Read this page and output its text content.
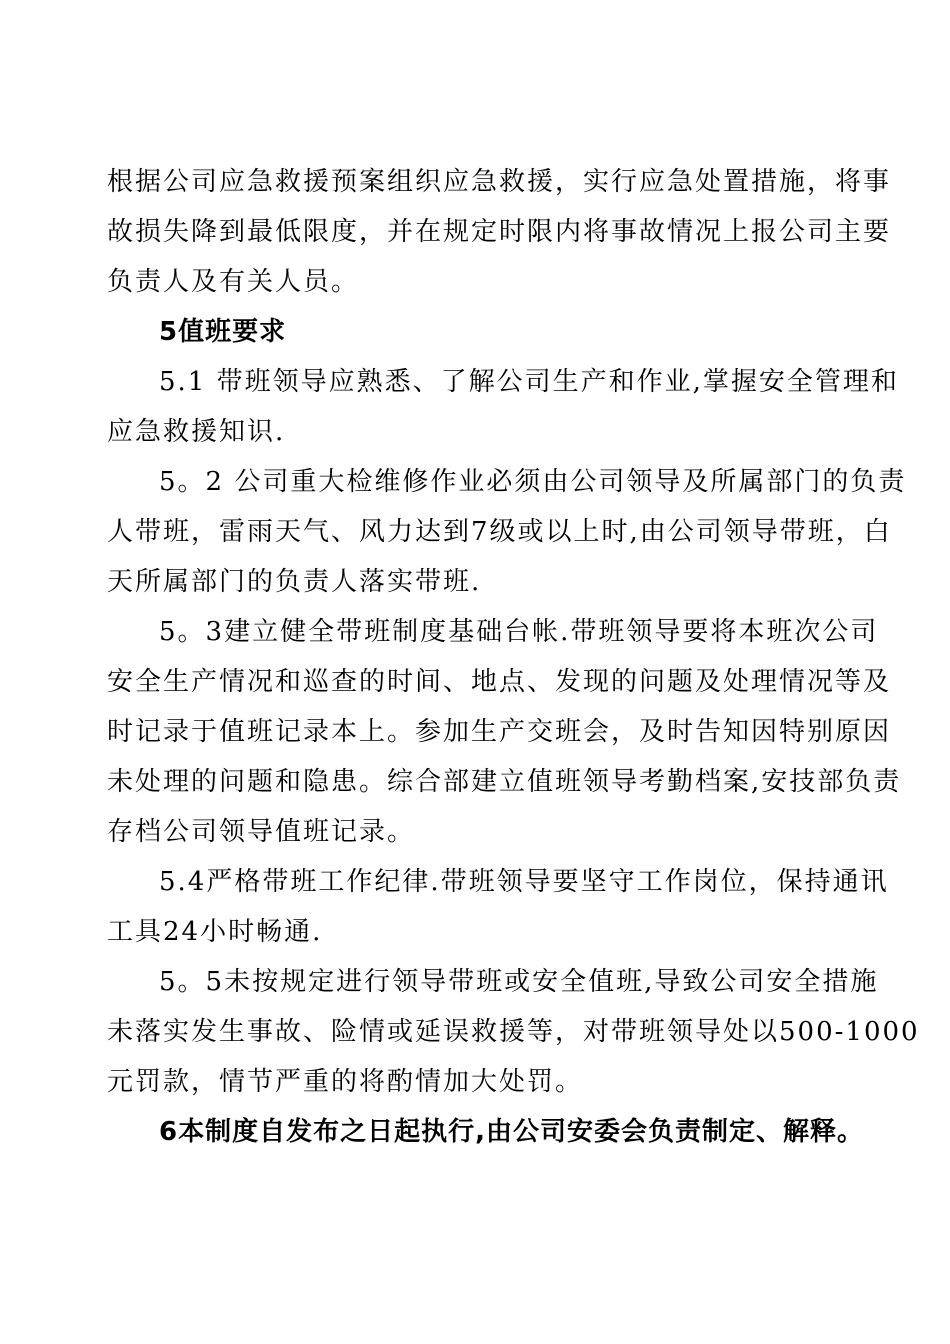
根据公司应急救援预案组织应急救援，实行应急处置措施，将事
故损失降到最低限度，并在规定时限内将事故情况上报公司主要
负责人及有关人员。
5值班要求
5.1 带班领导应熟悉、了解公司生产和作业,掌握安全管理和
应急救援知识.
5。2 公司重大检维修作业必须由公司领导及所属部门的负责
人带班，雷雨天气、风力达到7级或以上时,由公司领导带班，白
天所属部门的负责人落实带班.
5。3建立健全带班制度基础台帐.带班领导要将本班次公司
安全生产情况和巡查的时间、地点、发现的问题及处理情况等及
时记录于值班记录本上。参加生产交班会，及时告知因特别原因
未处理的问题和隐患。综合部建立值班领导考勤档案,安技部负责
存档公司领导值班记录。
5.4严格带班工作纪律.带班领导要坚守工作岗位，保持通讯
工具24小时畅通.
5。5未按规定进行领导带班或安全值班,导致公司安全措施
未落实发生事故、险情或延误救援等，对带班领导处以500-1000
元罚款，情节严重的将酌情加大处罚。
6本制度自发布之日起执行,由公司安委会负责制定、解释。
